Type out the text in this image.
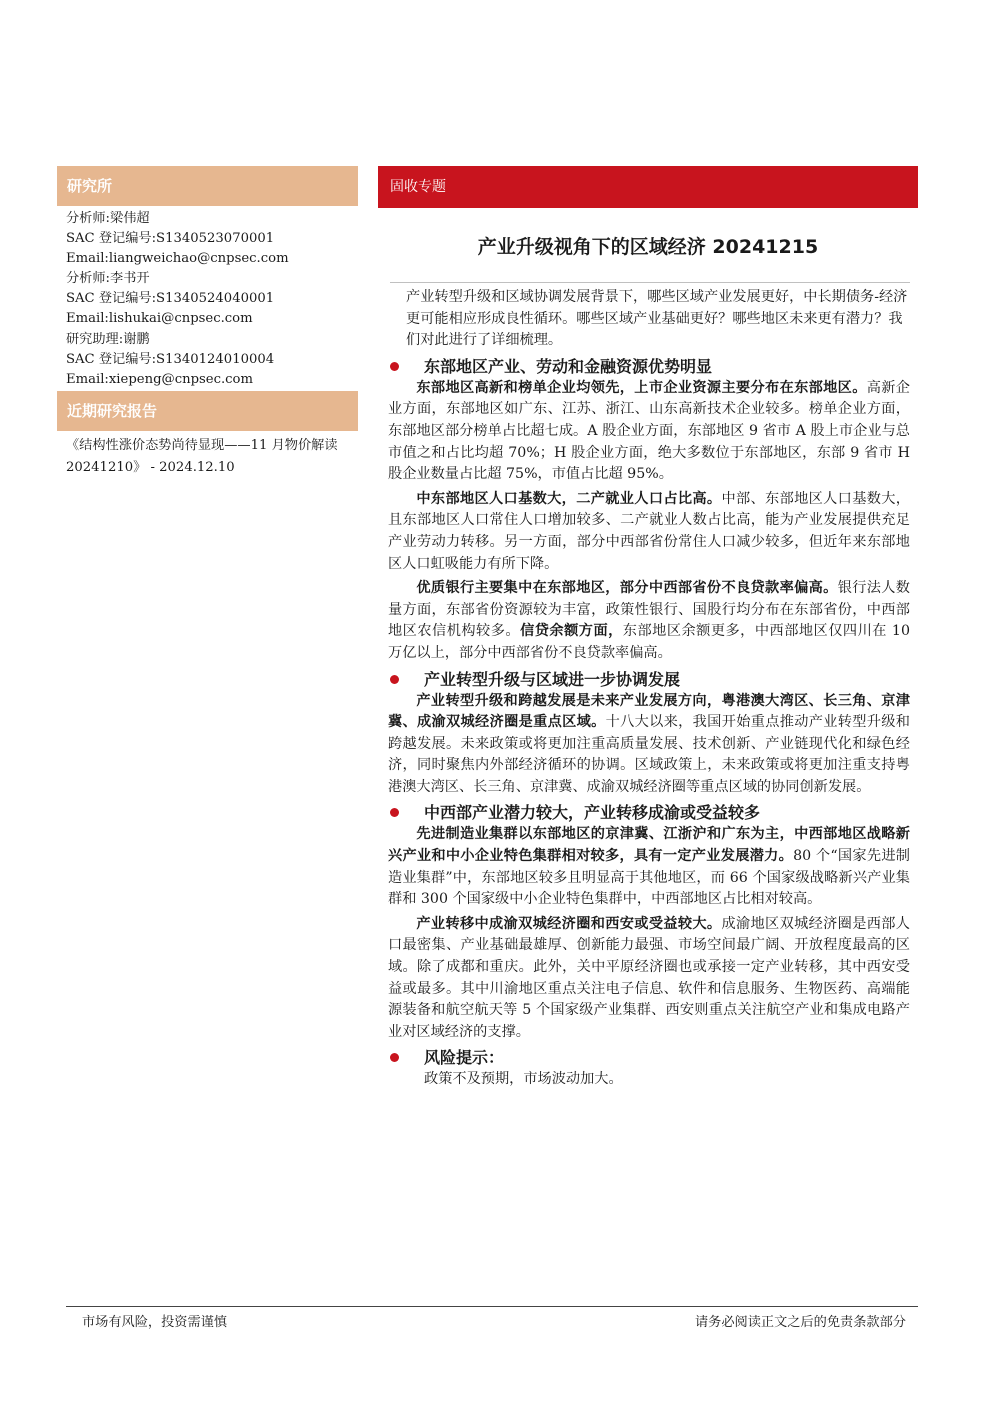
研究所
分析师:梁伟超
SAC 登记编号:S1340523070001
Email:liangweichao@cnpsec.com
分析师:李书开
SAC 登记编号:S1340524040001
Email:lishukai@cnpsec.com
研究助理:谢鹏
SAC 登记编号:S1340124010004
Email:xiepeng@cnpsec.com
近期研究报告
《结构性涨价态势尚待显现——11 月物价解读 20241210》 - 2024.12.10
固收专题
产业升级视角下的区域经济 20241215
产业转型升级和区域协调发展背景下，哪些区域产业发展更好，中长期债务-经济更可能相应形成良性循环。哪些区域产业基础更好？哪些地区未来更有潜力？我们对此进行了详细梳理。
东部地区产业、劳动和金融资源优势明显

东部地区高新和榜单企业均领先，上市企业资源主要分布在东部地区。高新企业方面，东部地区如广东、江苏、浙江、山东高新技术企业较多。榜单企业方面，东部地区部分榜单占比超七成。A 股企业方面，东部地区 9 省市 A 股上市企业与总市值之和占比均超 70%；H 股企业方面，绝大多数位于东部地区，东部 9 省市 H 股企业数量占比超 75%，市值占比超 95%。

中东部地区人口基数大，二产就业人口占比高。中部、东部地区人口基数大，且东部地区人口常住人口增加较多、二产就业人数占比高，能为产业发展提供充足产业劳动力转移。另一方面，部分中西部省份常住人口减少较多，但近年来东部地区人口虹吸能力有所下降。

优质银行主要集中在东部地区，部分中西部省份不良贷款率偏高。银行法人数量方面，东部省份资源较为丰富，政策性银行、国股行均分布在东部省份，中西部地区农信机构较多。信贷余额方面，东部地区余额更多，中西部地区仅四川在 10 万亿以上，部分中西部省份不良贷款率偏高。

产业转型升级与区域进一步协调发展

产业转型升级和跨越发展是未来产业发展方向，粤港澳大湾区、长三角、京津冀、成渝双城经济圈是重点区域。十八大以来，我国开始重点推动产业转型升级和跨越发展。未来政策或将更加注重高质量发展、技术创新、产业链现代化和绿色经济，同时聚焦内外部经济循环的协调。区域政策上，未来政策或将更加注重支持粤港澳大湾区、长三角、京津冀、成渝双城经济圈等重点区域的协同创新发展。

中西部产业潜力较大，产业转移成渝或受益较多

先进制造业集群以东部地区的京津冀、江浙沪和广东为主，中西部地区战略新兴产业和中小企业特色集群相对较多，具有一定产业发展潜力。80 个“国家先进制造业集群”中，东部地区较多且明显高于其他地区，而 66 个国家级战略新兴产业集群和 300 个国家级中小企业特色集群中，中西部地区占比相对较高。

产业转移中成渝双城经济圈和西安或受益较大。成渝地区双城经济圈是西部人口最密集、产业基础最雄厚、创新能力最强、市场空间最广阔、开放程度最高的区域。除了成都和重庆。此外，关中平原经济圈也或承接一定产业转移，其中西安受益或最多。其中川渝地区重点关注电子信息、软件和信息服务、生物医药、高端能源装备和航空航天等 5 个国家级产业集群、西安则重点关注航空产业和集成电路产业对区域经济的支撑。

风险提示：
政策不及预期，市场波动加大。
市场有风险，投资需谨慎	请务必阅读正文之后的免责条款部分
